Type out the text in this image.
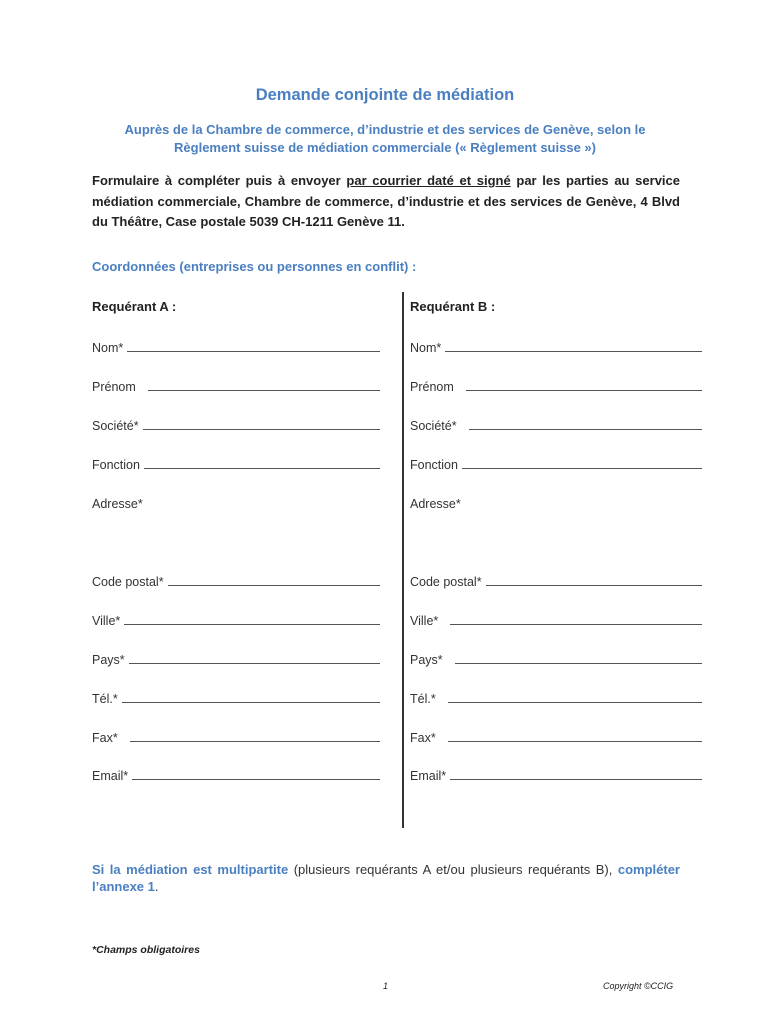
Demande conjointe de médiation
Auprès de la Chambre de commerce, d’industrie et des services de Genève, selon le
Règlement suisse de médiation commerciale (« Règlement suisse »)
Formulaire à compléter puis à envoyer par courrier daté et signé par les parties au service médiation commerciale, Chambre de commerce, d’industrie et des services de Genève, 4 Blvd du Théâtre, Case postale 5039 CH-1211 Genève 11.
Coordonnées (entreprises ou personnes en conflit) :
Requérant A :
Nom*
Prénom
Société*
Fonction
Adresse*
Code postal*
Ville*
Pays*
Tél.*
Fax*
Email*
Requérant B :
Nom*
Prénom
Société*
Fonction
Adresse*
Code postal*
Ville*
Pays*
Tél.*
Fax*
Email*
Si la médiation est multipartite (plusieurs requérants A et/ou plusieurs requérants B), compléter l’annexe 1.
*Champs obligatoires
1	Copyright ©CCIG
